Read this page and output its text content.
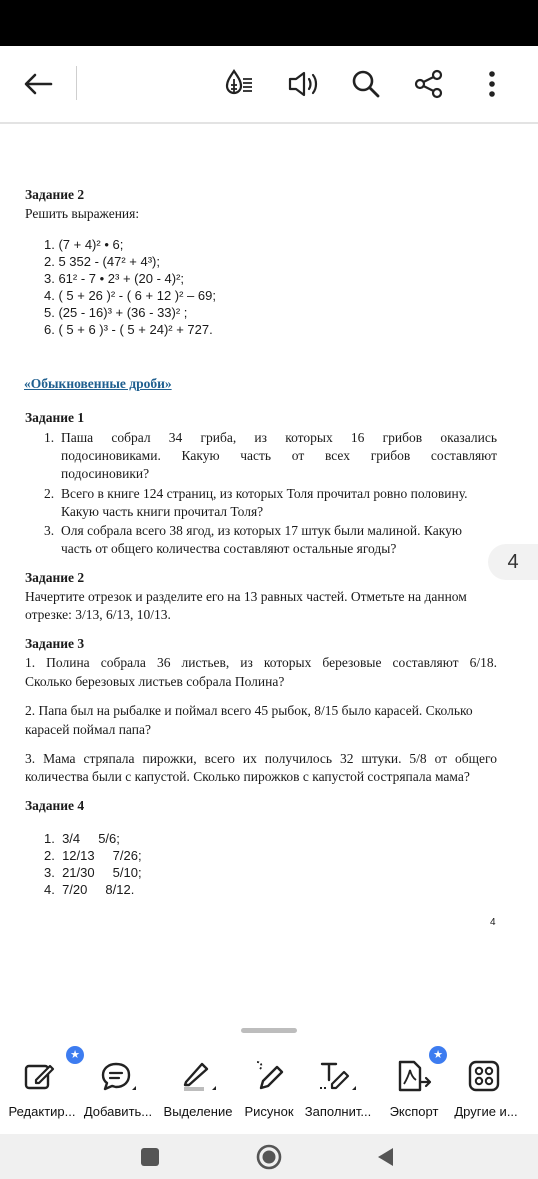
Задание 2
Решить выражения:
1. (7 + 4)² • 6;
2. 5 352 - (47² + 4³);
3. 61² - 7 • 2³ + (20 - 4)²;
4. ( 5 + 26 )² - ( 6 + 12 )² – 69;
5. (25 - 16)³ + (36 - 33)² ;
6. ( 5 + 6 )³ - ( 5 + 24)² + 727.
«Обыкновенные дроби»
Задание 1
1. Паша собрал 34 гриба, из которых 16 грибов оказались
подосиновиками. Какую часть от всех грибов составляют
подосиновики?
2. Всего в книге 124 страниц, из которых Толя прочитал ровно половину.
Какую часть книги прочитал Толя?
3. Оля собрала всего 38 ягод, из которых 17 штук были малиной. Какую
часть от общего количества составляют остальные ягоды?
Задание 2
Начертите отрезок и разделите его на 13 равных частей. Отметьте на данном
отрезке: 3/13, 6/13, 10/13.
Задание 3
1. Полина собрала 36 листьев, из которых березовые составляют 6/18.
Сколько березовых листьев собрала Полина?
2. Папа был на рыбалке и поймал всего 45 рыбок, 8/15 было карасей. Сколько
карасей поймал папа?
3. Мама стряпала пирожки, всего их получилось 32 штуки. 5/8 от общего
количества были с капустой. Сколько пирожков с капустой состряпала мама?
Задание 4
1.  3/4     5/6;
2.  12/13     7/26;
3.  21/30     5/10;
4.  7/20     8/12.
4
4
★
Редактир... Добавить... Выделение Рисунок Заполнит...
★
Экспорт	Другие и...
